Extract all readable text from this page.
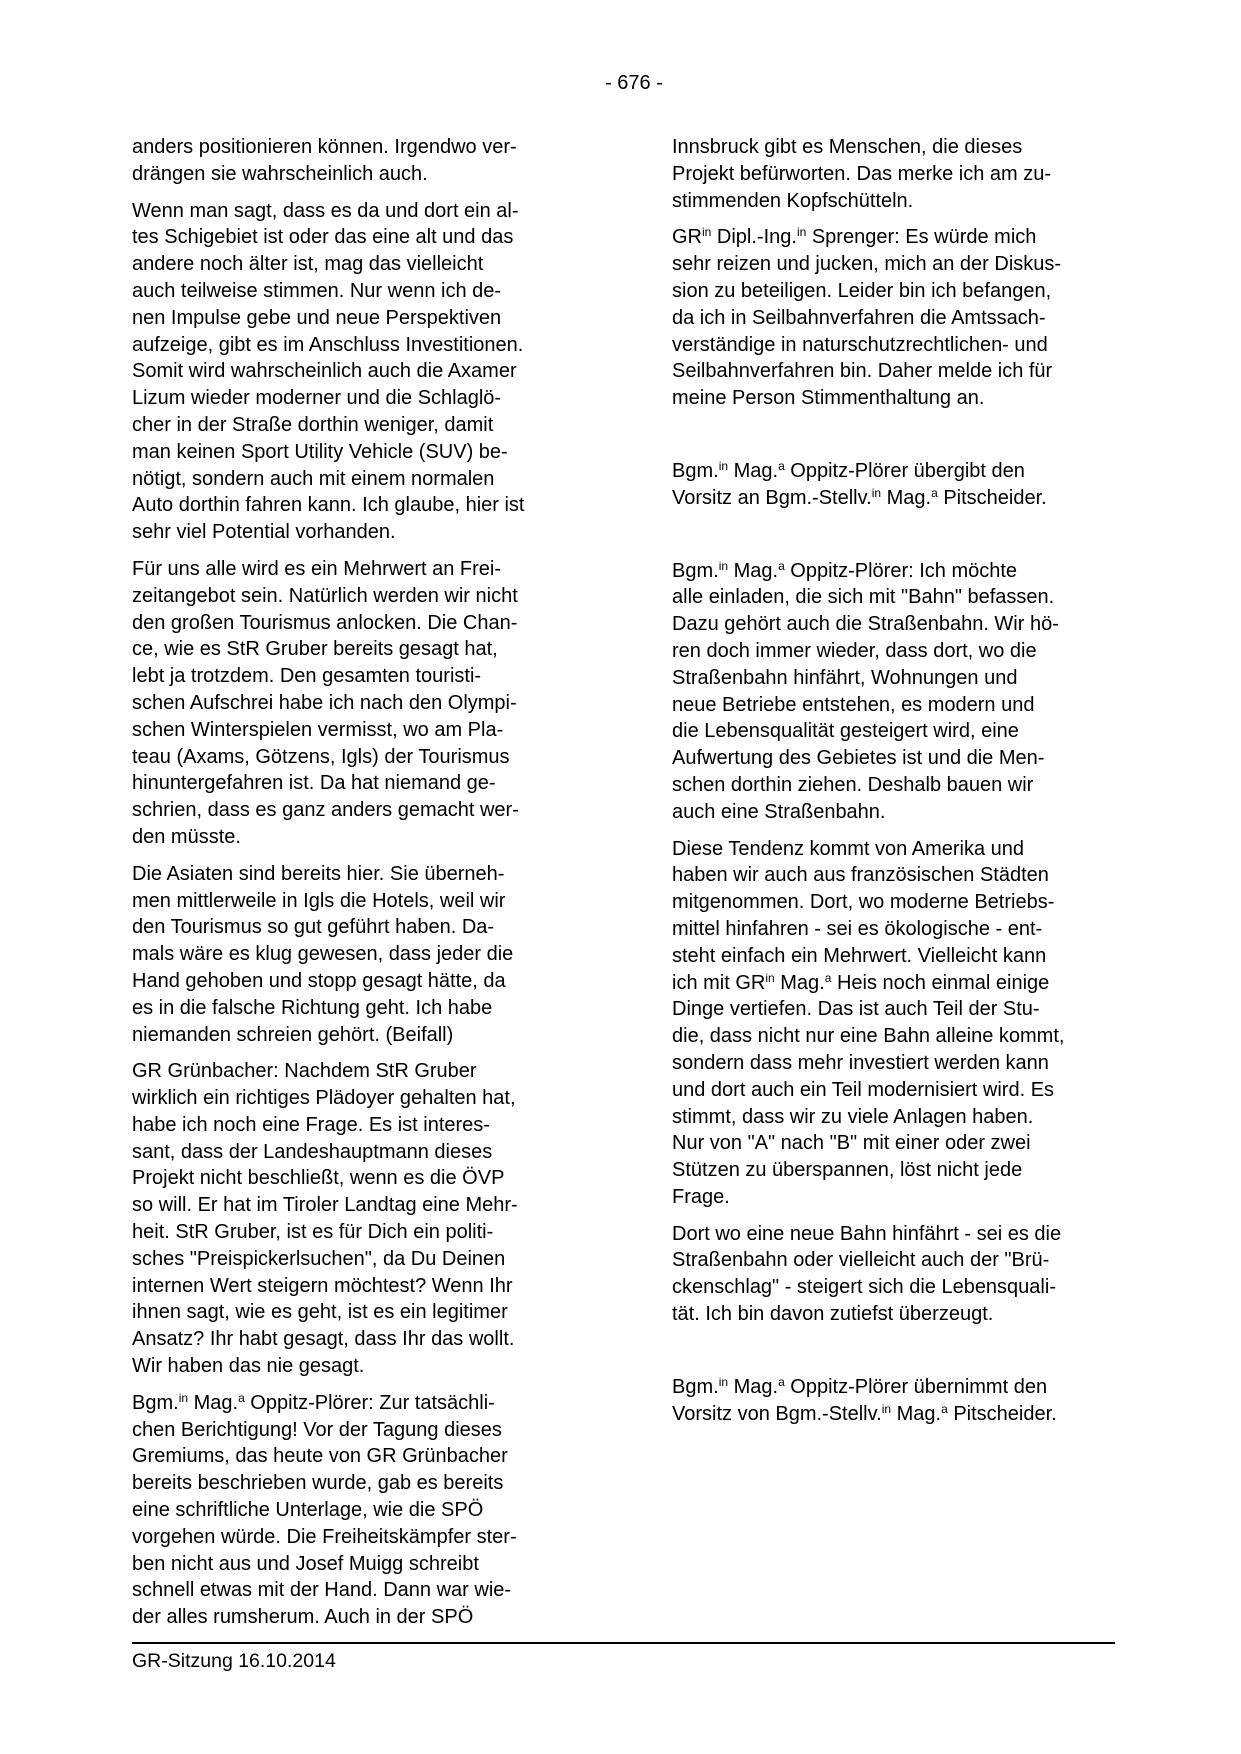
- 676 -
anders positionieren können. Irgendwo ver-
drängen sie wahrscheinlich auch.
Wenn man sagt, dass es da und dort ein al-
tes Schigebiet ist oder das eine alt und das
andere noch älter ist, mag das vielleicht
auch teilweise stimmen. Nur wenn ich de-
nen Impulse gebe und neue Perspektiven
aufzeige, gibt es im Anschluss Investitionen.
Somit wird wahrscheinlich auch die Axamer
Lizum wieder moderner und die Schlaglö-
cher in der Straße dorthin weniger, damit
man keinen Sport Utility Vehicle (SUV) be-
nötigt, sondern auch mit einem normalen
Auto dorthin fahren kann. Ich glaube, hier ist
sehr viel Potential vorhanden.
Für uns alle wird es ein Mehrwert an Frei-
zeitangebot sein. Natürlich werden wir nicht
den großen Tourismus anlocken. Die Chan-
ce, wie es StR Gruber bereits gesagt hat,
lebt ja trotzdem. Den gesamten touristi-
schen Aufschrei habe ich nach den Olympi-
schen Winterspielen vermisst, wo am Pla-
teau (Axams, Götzens, Igls) der Tourismus
hinuntergefahren ist. Da hat niemand ge-
schrien, dass es ganz anders gemacht wer-
den müsste.
Die Asiaten sind bereits hier. Sie überneh-
men mittlerweile in Igls die Hotels, weil wir
den Tourismus so gut geführt haben. Da-
mals wäre es klug gewesen, dass jeder die
Hand gehoben und stopp gesagt hätte, da
es in die falsche Richtung geht. Ich habe
niemanden schreien gehört. (Beifall)
GR Grünbacher: Nachdem StR Gruber
wirklich ein richtiges Plädoyer gehalten hat,
habe ich noch eine Frage. Es ist interes-
sant, dass der Landeshauptmann dieses
Projekt nicht beschließt, wenn es die ÖVP
so will. Er hat im Tiroler Landtag eine Mehr-
heit. StR Gruber, ist es für Dich ein politi-
sches "Preispickerlsuchen", da Du Deinen
internen Wert steigern möchtest? Wenn Ihr
ihnen sagt, wie es geht, ist es ein legitimer
Ansatz? Ihr habt gesagt, dass Ihr das wollt.
Wir haben das nie gesagt.
Bgm.$^{in}$ Mag.$^a$ Oppitz-Plörer: Zur tatsächli-
chen Berichtigung! Vor der Tagung dieses
Gremiums, das heute von GR Grünbacher
bereits beschrieben wurde, gab es bereits
eine schriftliche Unterlage, wie die SPÖ
vorgehen würde. Die Freiheitskämpfer ster-
ben nicht aus und Josef Muigg schreibt
schnell etwas mit der Hand. Dann war wie-
der alles rumsherum. Auch in der SPÖ
Innsbruck gibt es Menschen, die dieses
Projekt befürworten. Das merke ich am zu-
stimmenden Kopfschütteln.
$GR^{in}$ Dipl.-Ing.$^{in}$ Sprenger: Es würde mich
sehr reizen und jucken, mich an der Diskus-
sion zu beteiligen. Leider bin ich befangen,
da ich in Seilbahnverfahren die Amtssach-
verständige in naturschutzrechtlichen- und
Seilbahnverfahren bin. Daher melde ich für
meine Person Stimmenthaltung an.
Bgm.$^{in}$ Mag.$^a$ Oppitz-Plörer übergibt den
Vorsitz an Bgm.-Stellv.$^{in}$ Mag.$^a$ Pitscheider.
Bgm.$^{in}$ Mag.$^a$ Oppitz-Plörer: Ich möchte
alle einladen, die sich mit "Bahn" befassen.
Dazu gehört auch die Straßenbahn. Wir hö-
ren doch immer wieder, dass dort, wo die
Straßenbahn hinfährt, Wohnungen und
neue Betriebe entstehen, es modern und
die Lebensqualität gesteigert wird, eine
Aufwertung des Gebietes ist und die Men-
schen dorthin ziehen. Deshalb bauen wir
auch eine Straßenbahn.
Diese Tendenz kommt von Amerika und
haben wir auch aus französischen Städten
mitgenommen. Dort, wo moderne Betriebs-
mittel hinfahren - sei es ökologische - ent-
steht einfach ein Mehrwert. Vielleicht kann
ich mit $GR^{in}$ Mag.$^a$ Heis noch einmal einige
Dinge vertiefen. Das ist auch Teil der Stu-
die, dass nicht nur eine Bahn alleine kommt,
sondern dass mehr investiert werden kann
und dort auch ein Teil modernisiert wird. Es
stimmt, dass wir zu viele Anlagen haben.
Nur von "A" nach "B" mit einer oder zwei
Stützen zu überspannen, löst nicht jede
Frage.
Dort wo eine neue Bahn hinfährt - sei es die
Straßenbahn oder vielleicht auch der "Brü-
ckenschlag" - steigert sich die Lebensquali-
tät. Ich bin davon zutiefst überzeugt.
Bgm.$^{in}$ Mag.$^a$ Oppitz-Plörer übernimmt den
Vorsitz von Bgm.-Stellv.$^{in}$ Mag.$^a$ Pitscheider.
GR-Sitzung 16.10.2014
